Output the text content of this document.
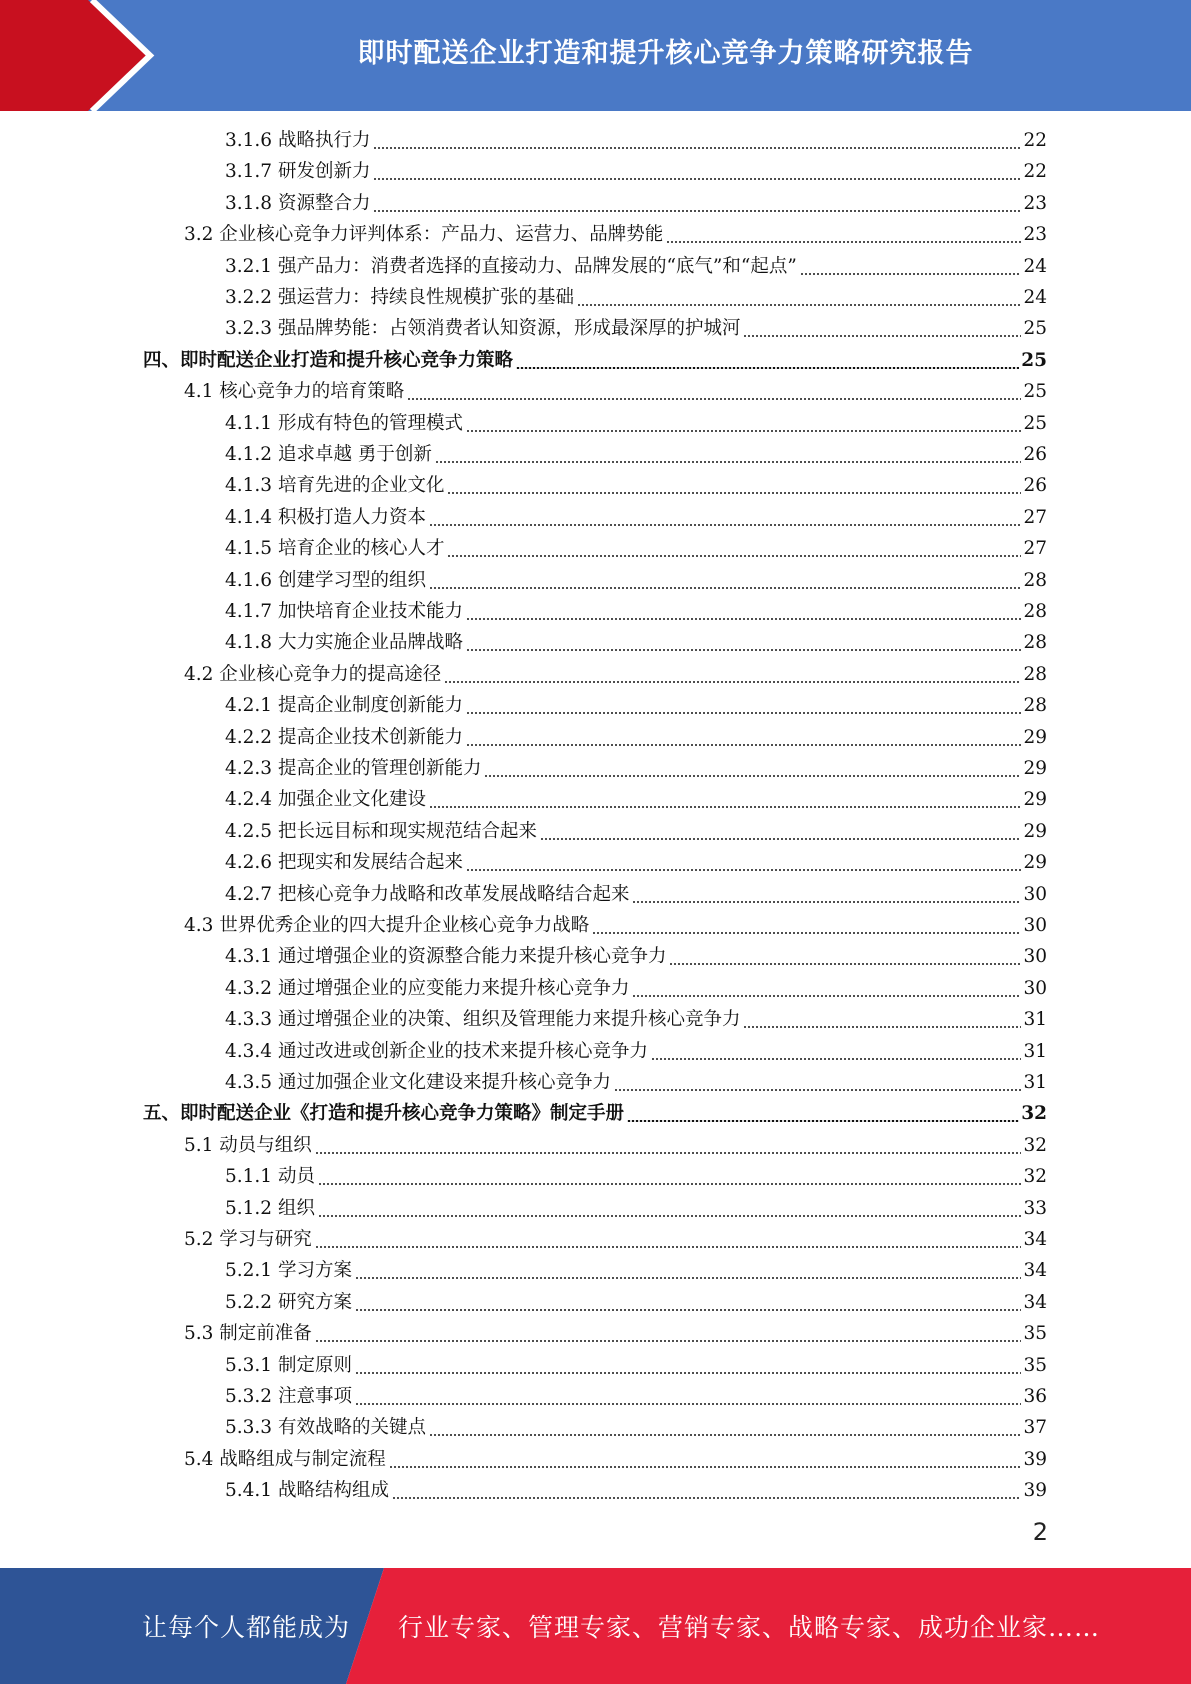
即时配送企业打造和提升核心竞争力策略研究报告
3.1.6 战略执行力	22
3.1.7 研发创新力	22
3.1.8 资源整合力	23
3.2 企业核心竞争力评判体系：产品力、运营力、品牌势能	23
3.2.1 强产品力：消费者选择的直接动力、品牌发展的“底气”和“起点”	24
3.2.2 强运营力：持续良性规模扩张的基础	24
3.2.3 强品牌势能：占领消费者认知资源，形成最深厚的护城河	25
四、即时配送企业打造和提升核心竞争力策略	25
4.1 核心竞争力的培育策略	25
4.1.1 形成有特色的管理模式	25
4.1.2 追求卓越 勇于创新	26
4.1.3 培育先进的企业文化	26
4.1.4 积极打造人力资本	27
4.1.5 培育企业的核心人才	27
4.1.6 创建学习型的组织	28
4.1.7 加快培育企业技术能力	28
4.1.8 大力实施企业品牌战略	28
4.2 企业核心竞争力的提高途径	28
4.2.1 提高企业制度创新能力	28
4.2.2 提高企业技术创新能力	29
4.2.3 提高企业的管理创新能力	29
4.2.4 加强企业文化建设	29
4.2.5 把长远目标和现实规范结合起来	29
4.2.6 把现实和发展结合起来	29
4.2.7 把核心竞争力战略和改革发展战略结合起来	30
4.3 世界优秀企业的四大提升企业核心竞争力战略	30
4.3.1 通过增强企业的资源整合能力来提升核心竞争力	30
4.3.2 通过增强企业的应变能力来提升核心竞争力	30
4.3.3 通过增强企业的决策、组织及管理能力来提升核心竞争力	31
4.3.4 通过改进或创新企业的技术来提升核心竞争力	31
4.3.5 通过加强企业文化建设来提升核心竞争力	31
五、即时配送企业《打造和提升核心竞争力策略》制定手册	32
5.1 动员与组织	32
5.1.1 动员	32
5.1.2 组织	33
5.2 学习与研究	34
5.2.1 学习方案	34
5.2.2 研究方案	34
5.3 制定前准备	35
5.3.1 制定原则	35
5.3.2 注意事项	36
5.3.3 有效战略的关键点	37
5.4 战略组成与制定流程	39
5.4.1 战略结构组成	39
2
让每个人都能成为 行业专家、管理专家、营销专家、战略专家、成功企业家……
